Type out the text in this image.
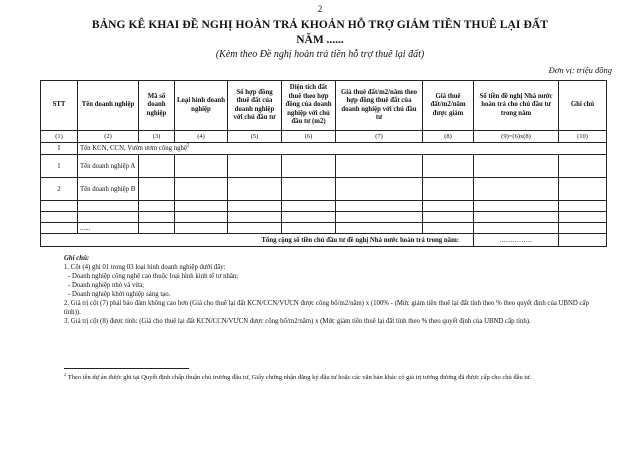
2
BẢNG KÊ KHAI ĐỀ NGHỊ HOÀN TRẢ KHOẢN HỖ TRỢ GIẢM TIỀN THUÊ LẠI ĐẤT
NĂM ......
(Kèm theo Đề nghị hoàn trả tiền hỗ trợ thuê lại đất)
Đơn vị: triệu đồng
STT	Tên doanh nghiệp	Mã số doanh nghiệp	Loại hình doanh nghiệp	Số hợp đồng thuê đất của doanh nghiệp với chủ đầu tư	Diện tích đất thuê theo hợp đồng của doanh nghiệp với chủ đầu tư (m2)	Giá thuê đất/m2/năm theo hợp đồng thuê đất của doanh nghiệp với chủ đầu tư	Giá thuê đất/m2/năm được giảm	Số tiền đề nghị Nhà nước hoàn trả cho chủ đầu tư trong năm	Ghi chú
(1)	(2)	(3)	(4)	(5)	(6)	(7)	(8)	(9)=(6)x(8)	(10)
I	Tên KCN, CCN, Vườn ươm công nghệ$^2$
1	Tên doanh nghiệp A								
2	Tên doanh nghiệp B								

	......								
Tổng cộng số tiền chủ đầu tư đề nghị Nhà nước hoàn trả trong năm:								...............	
Ghi chú:
1. Cột (4) ghi 01 trong 03 loại hình doanh nghiệp dưới đây:
- Doanh nghiệp công nghệ cao thuộc loại hình kinh tế tư nhân;
- Doanh nghiệp nhỏ và vừa;
- Doanh nghiệp khởi nghiệp sáng tạo.
2. Giá trị cột (7) phải bảo đảm không cao hơn (Giá cho thuê lại đất KCN/CCN/VƯCN được công bố/m2/năm) x (100% - (Mức giảm tiền thuê lại đất tính theo % theo quyết định của UBND cấp tỉnh)).
3. Giá trị cột (8) được tính: (Giá cho thuê lại đất KCN/CCN/VƯCN được công bố/m2/năm) x (Mức giảm tiền thuê lại đất tính theo % theo quyết định của UBND cấp tỉnh).
$^2$ Theo tên dự án được ghi tại Quyết định chấp thuận chủ trương đầu tư, Giấy chứng nhận đăng ký đầu tư hoặc các văn bản khác có giá trị tương đương đã được cấp cho chủ đầu tư.
